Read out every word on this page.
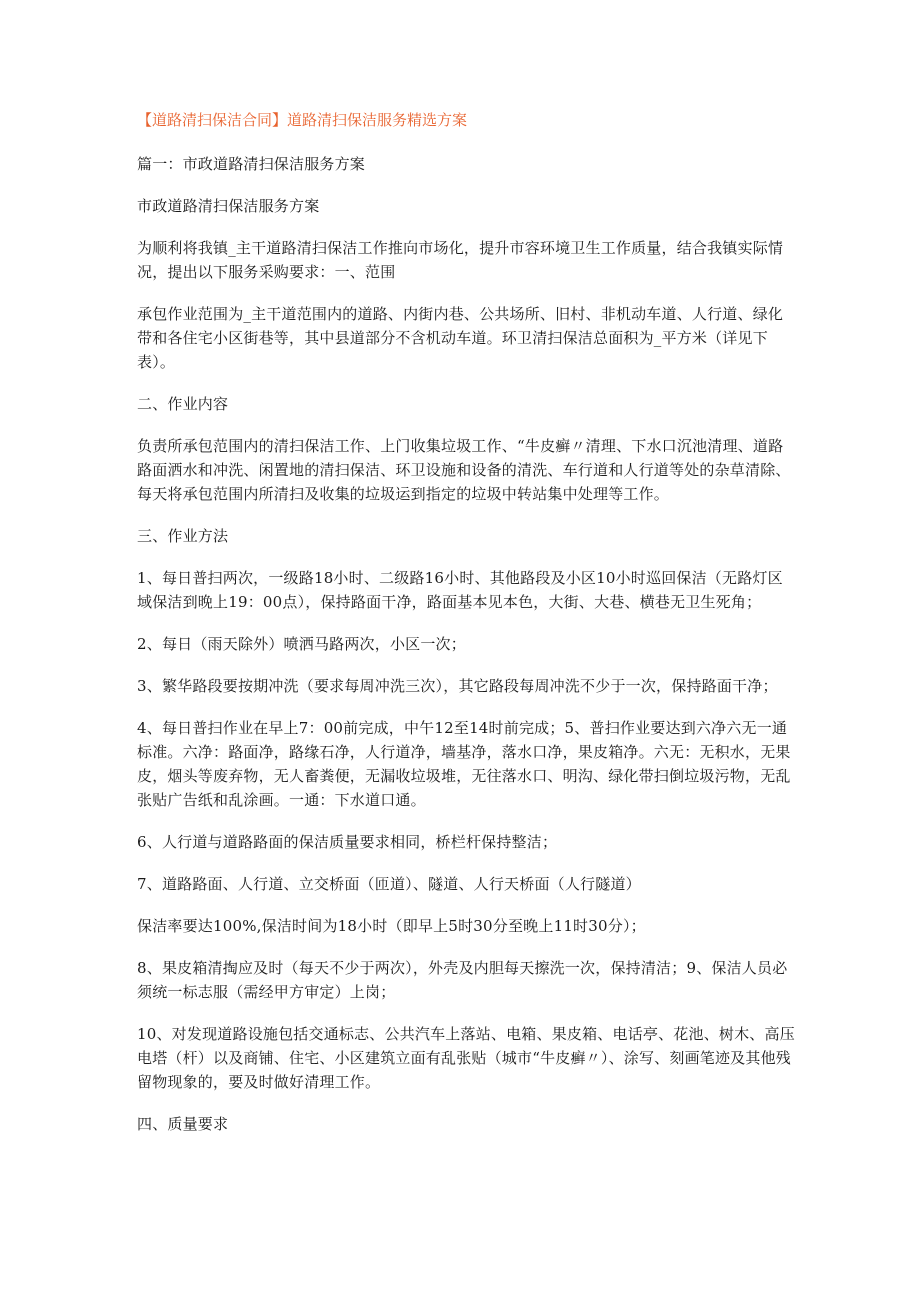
【道路清扫保洁合同】道路清扫保洁服务精选方案

篇一：市政道路清扫保洁服务方案

市政道路清扫保洁服务方案

为顺利将我镇_主干道路清扫保洁工作推向市场化，提升市容环境卫生工作质量，结合我镇实际情况，提出以下服务采购要求：一、范围

承包作业范围为_主干道范围内的道路、内街内巷、公共场所、旧村、非机动车道、人行道、绿化带和各住宅小区街巷等，其中县道部分不含机动车道。环卫清扫保洁总面积为_平方米（详见下表）。

二、作业内容

负责所承包范围内的清扫保洁工作、上门收集垃圾工作、“牛皮癣〃清理、下水口沉池清理、道路路面洒水和冲洗、闲置地的清扫保洁、环卫设施和设备的清洗、车行道和人行道等处的杂草清除、每天将承包范围内所清扫及收集的垃圾运到指定的垃圾中转站集中处理等工作。

三、作业方法

1、每日普扫两次，一级路18小时、二级路16小时、其他路段及小区10小时巡回保洁（无路灯区域保洁到晚上19：00点），保持路面干净，路面基本见本色，大街、大巷、横巷无卫生死角；

2、每日（雨天除外）喷洒马路两次，小区一次；

3、繁华路段要按期冲洗（要求每周冲洗三次），其它路段每周冲洗不少于一次，保持路面干净；

4、每日普扫作业在早上7：00前完成，中午12至14时前完成；5、普扫作业要达到六净六无一通标准。六净：路面净，路缘石净，人行道净，墙基净，落水口净，果皮箱净。六无：无积水，无果皮，烟头等废弃物，无人畜粪便，无漏收垃圾堆，无往落水口、明沟、绿化带扫倒垃圾污物，无乱张贴广告纸和乱涂画。一通：下水道口通。

6、人行道与道路路面的保洁质量要求相同，桥栏杆保持整洁；

7、道路路面、人行道、立交桥面（匝道）、隧道、人行天桥面（人行隧道）

保洁率要达100%,保洁时间为18小时（即早上5时30分至晚上11时30分）；

8、果皮箱清掏应及时（每天不少于两次），外壳及内胆每天擦洗一次，保持清洁；9、保洁人员必须统一标志服（需经甲方审定）上岗；

10、对发现道路设施包括交通标志、公共汽车上落站、电箱、果皮箱、电话亭、花池、树木、高压电塔（杆）以及商铺、住宅、小区建筑立面有乱张贴（城市“牛皮癣〃）、涂写、刻画笔迹及其他残留物现象的，要及时做好清理工作。

四、质量要求
